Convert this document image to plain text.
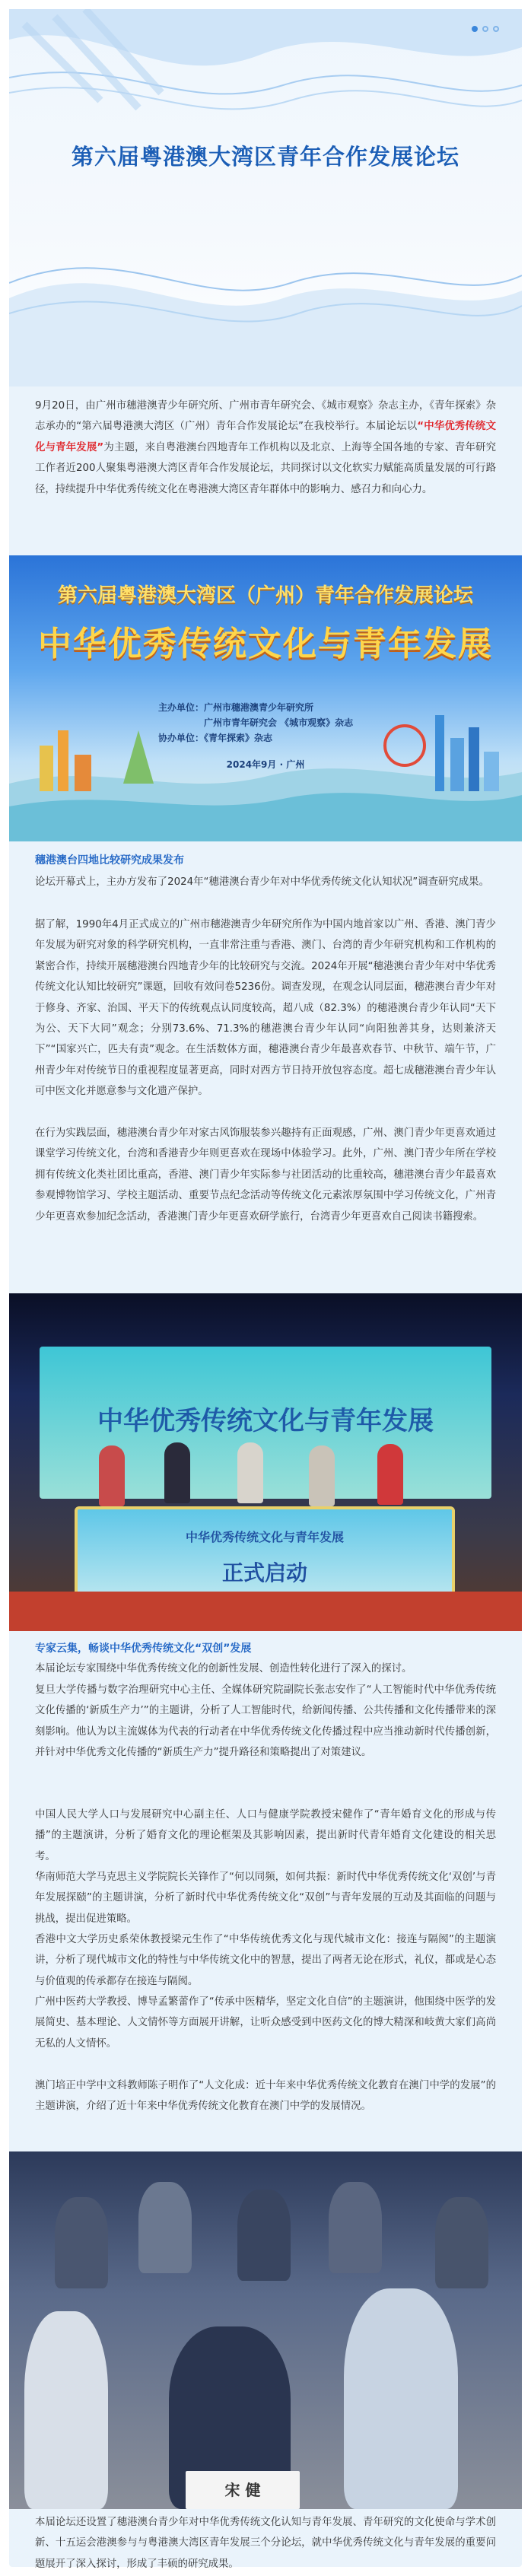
第六届粤港澳大湾区青年合作发展论坛
9月20日，由广州市穗港澳青少年研究所、广州市青年研究会、《城市观察》杂志主办，《青年探索》杂志承办的“第六届粤港澳大湾区（广州）青年合作发展论坛”在我校举行。本届论坛以“中华优秀传统文化与青年发展”为主题，来自粤港澳台四地青年工作机构以及北京、上海等全国各地的专家、青年研究工作者近200人聚集粤港澳大湾区青年合作发展论坛，共同探讨以文化软实力赋能高质量发展的可行路径，持续提升中华优秀传统文化在粤港澳大湾区青年群体中的影响力、感召力和向心力。
第六届粤港澳大湾区（广州）青年合作发展论坛
中华优秀传统文化与青年发展
主办单位：广州市穗港澳青少年研究所
广州市青年研究会 《城市观察》杂志
协办单位：《青年探索》杂志
2024年9月 · 广州
穗港澳台四地比较研究成果发布
论坛开幕式上，主办方发布了2024年“穗港澳台青少年对中华优秀传统文化认知状况”调查研究成果。
据了解，1990年4月正式成立的广州市穗港澳青少年研究所作为中国内地首家以广州、香港、澳门青少年发展为研究对象的科学研究机构，一直非常注重与香港、澳门、台湾的青少年研究机构和工作机构的紧密合作，持续开展穗港澳台四地青少年的比较研究与交流。2024年开展“穗港澳台青少年对中华优秀传统文化认知比较研究”课题，回收有效问卷5236份。调查发现，在观念认同层面，穗港澳台青少年对于修身、齐家、治国、平天下的传统观点认同度较高，超八成（82.3%）的穗港澳台青少年认同“天下为公、天下大同”观念；分别73.6%、71.3%的穗港澳台青少年认同“向阳独善其身，达则兼济天下”“国家兴亡，匹夫有责”观念。在生活数体方面，穗港澳台青少年最喜欢春节、中秋节、端午节，广州青少年对传统节日的重视程度显著更高，同时对西方节日持开放包容态度。超七成穗港澳台青少年认可中医文化并愿意参与文化遗产保护。
在行为实践层面，穗港澳台青少年对家古风饰服装参兴趣持有正面观感，广州、澳门青少年更喜欢通过课堂学习传统文化，台湾和香港青少年则更喜欢在现场中体验学习。此外，广州、澳门青少年所在学校拥有传统文化类社团比重高，香港、澳门青少年实际参与社团活动的比重较高，穗港澳台青少年最喜欢参观博物馆学习、学校主题活动、重要节点纪念活动等传统文化元素浓厚氛围中学习传统文化，广州青少年更喜欢参加纪念活动，香港澳门青少年更喜欢研学旅行，台湾青少年更喜欢自己阅读书籍搜索。
中华优秀传统文化与青年发展
中华优秀传统文化与青年发展
正式启动
专家云集，畅谈中华优秀传统文化“双创”发展
本届论坛专家围绕中华优秀传统文化的创新性发展、创造性转化进行了深入的探讨。
复旦大学传播与数字治理研究中心主任、全媒体研究院副院长张志安作了“人工智能时代中华优秀传统文化传播的‘新质生产力’”的主题讲，分析了人工智能时代，给新闻传播、公共传播和文化传播带来的深刻影响。他认为以主流媒体为代表的行动者在中华优秀传统文化传播过程中应当推动新时代传播创新，并针对中华优秀文化传播的“新质生产力”提升路径和策略提出了对策建议。
中国人民大学人口与发展研究中心副主任、人口与健康学院教授宋健作了“青年婚育文化的形成与传播”的主题演讲，分析了婚育文化的理论框架及其影响因素，提出新时代青年婚育文化建设的相关思考。
华南师范大学马克思主义学院院长关锋作了“何以同频，如何共振：新时代中华优秀传统文化‘双创’与青年发展探赜”的主题讲演，分析了新时代中华优秀传统文化“双创”与青年发展的互动及其面临的问题与挑战，提出促进策略。
香港中文大学历史系荣休教授梁元生作了“中华传统优秀文化与现代城市文化：接连与隔阂”的主题演讲，分析了现代城市文化的特性与中华传统文化中的智慧，提出了两者无论在形式，礼仪，都或是心态与价值观的传承都存在接连与隔阂。
广州中医药大学教授、博导孟繁蕾作了“传承中医精华，坚定文化自信”的主题演讲，他围绕中医学的发展简史、基本理论、人文情怀等方面展开讲解，让听众感受到中医药文化的博大精深和岐黄大家们高尚无私的人文情怀。
澳门培正中学中文科教师陈子明作了“人文化成：近十年来中华优秀传统文化教育在澳门中学的发展”的主题讲演，介绍了近十年来中华优秀传统文化教育在澳门中学的发展情况。
宋 健
本届论坛还设置了穗港澳台青少年对中华优秀传统文化认知与青年发展、青年研究的文化使命与学术创新、十五运会港澳参与与粤港澳大湾区青年发展三个分论坛，就中华优秀传统文化与青年发展的重要问题展开了深入探讨，形成了丰硕的研究成果。
